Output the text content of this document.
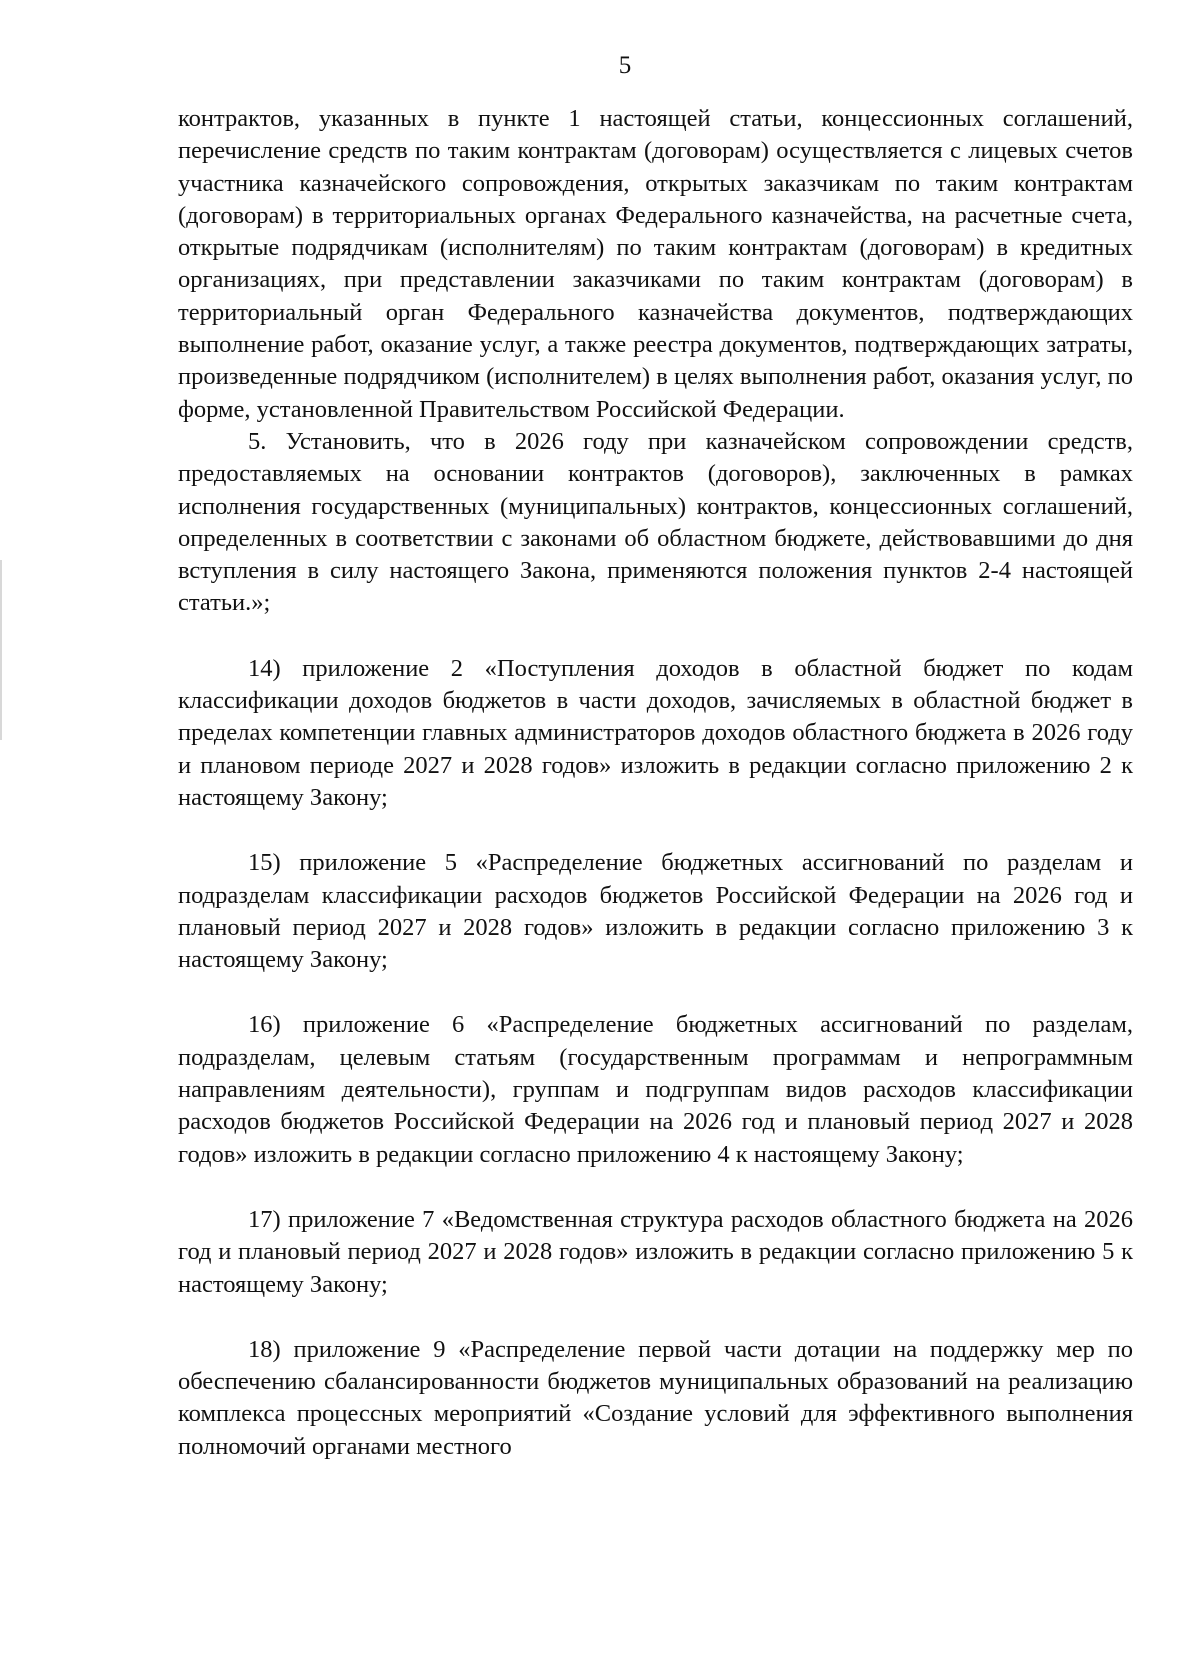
5

контрактов, указанных в пункте 1 настоящей статьи, концессионных соглашений, перечисление средств по таким контрактам (договорам) осуществляется с лицевых счетов участника казначейского сопровождения, открытых заказчикам по таким контрактам (договорам) в территориальных органах Федерального казначейства, на расчетные счета, открытые подрядчикам (исполнителям) по таким контрактам (договорам) в кредитных организациях, при представлении заказчиками по таким контрактам (договорам) в территориальный орган Федерального казначейства документов, подтверждающих выполнение работ, оказание услуг, а также реестра документов, подтверждающих затраты, произведенные подрядчиком (исполнителем) в целях выполнения работ, оказания услуг, по форме, установленной Правительством Российской Федерации.

5. Установить, что в 2026 году при казначейском сопровождении средств, предоставляемых на основании контрактов (договоров), заключенных в рамках исполнения государственных (муниципальных) контрактов, концессионных соглашений, определенных в соответствии с законами об областном бюджете, действовавшими до дня вступления в силу настоящего Закона, применяются положения пунктов 2-4 настоящей статьи.»;

14) приложение 2 «Поступления доходов в областной бюджет по кодам классификации доходов бюджетов в части доходов, зачисляемых в областной бюджет в пределах компетенции главных администраторов доходов областного бюджета в 2026 году и плановом периоде 2027 и 2028 годов» изложить в редакции согласно приложению 2 к настоящему Закону;

15) приложение 5 «Распределение бюджетных ассигнований по разделам и подразделам классификации расходов бюджетов Российской Федерации на 2026 год и плановый период 2027 и 2028 годов» изложить в редакции согласно приложению 3 к настоящему Закону;

16) приложение 6 «Распределение бюджетных ассигнований по разделам, подразделам, целевым статьям (государственным программам и непрограммным направлениям деятельности), группам и подгруппам видов расходов классификации расходов бюджетов Российской Федерации на 2026 год и плановый период 2027 и 2028 годов» изложить в редакции согласно приложению 4 к настоящему Закону;

17) приложение 7 «Ведомственная структура расходов областного бюджета на 2026 год и плановый период 2027 и 2028 годов» изложить в редакции согласно приложению 5 к настоящему Закону;

18) приложение 9 «Распределение первой части дотации на поддержку мер по обеспечению сбалансированности бюджетов муниципальных образований на реализацию комплекса процессных мероприятий «Создание условий для эффективного выполнения полномочий органами местного
